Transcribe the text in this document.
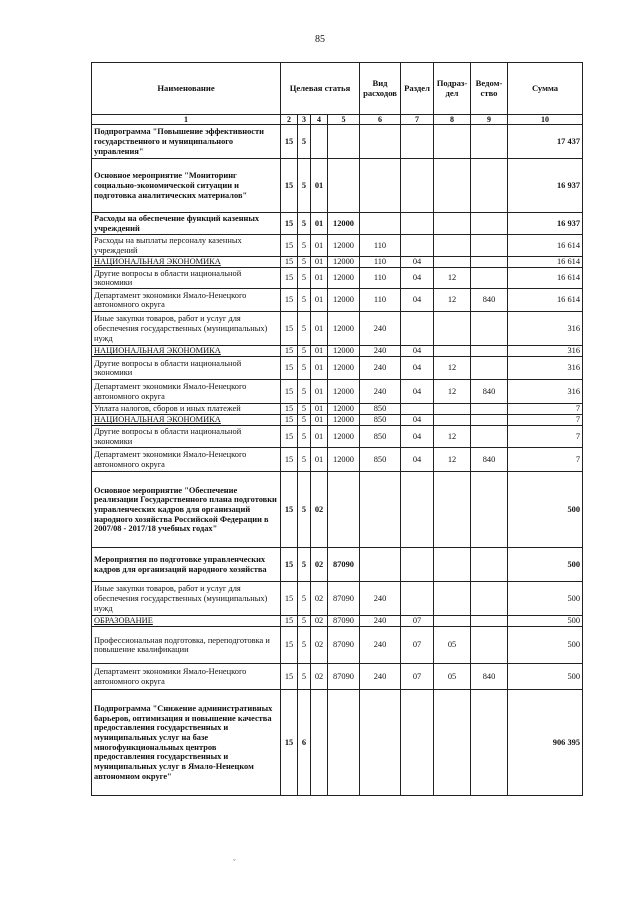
85
Наименование	Целевая статья				Вид расходов	Раздел	Подраз-дел	Ведом-ство	Сумма
1	2	3	4	5	6	7	8	9	10
Подпрограмма "Повышение эффективности государственного и муниципального управления"	15	5							17 437
Основное мероприятие "Мониторинг социально-экономической ситуации и подготовка аналитических материалов"	15	5	01						16 937
Расходы на обеспечение функций казенных учреждений	15	5	01	12000					16 937
Расходы на выплаты персоналу казенных учреждений	15	5	01	12000	110				16 614
НАЦИОНАЛЬНАЯ ЭКОНОМИКА	15	5	01	12000	110	04			16 614
Другие вопросы в области национальной экономики	15	5	01	12000	110	04	12		16 614
Департамент экономики Ямало-Ненецкого автономного округа	15	5	01	12000	110	04	12	840	16 614
Иные закупки товаров, работ и услуг для обеспечения государственных (муниципальных) нужд	15	5	01	12000	240				316
НАЦИОНАЛЬНАЯ ЭКОНОМИКА	15	5	01	12000	240	04			316
Другие вопросы в области национальной экономики	15	5	01	12000	240	04	12		316
Департамент экономики Ямало-Ненецкого автономного округа	15	5	01	12000	240	04	12	840	316
Уплата налогов, сборов и иных платежей	15	5	01	12000	850				7
НАЦИОНАЛЬНАЯ ЭКОНОМИКА	15	5	01	12000	850	04			7
Другие вопросы в области национальной экономики	15	5	01	12000	850	04	12		7
Департамент экономики Ямало-Ненецкого автономного округа	15	5	01	12000	850	04	12	840	7
Основное мероприятие "Обеспечение реализации Государственного плана подготовки управленческих кадров для организаций народного хозяйства Российской Федерации в 2007/08 - 2017/18 учебных годах"	15	5	02						500
Мероприятия по подготовке управленческих кадров для организаций народного хозяйства	15	5	02	87090					500
Иные закупки товаров, работ и услуг для обеспечения государственных (муниципальных) нужд	15	5	02	87090	240				500
ОБРАЗОВАНИЕ	15	5	02	87090	240	07			500
Профессиональная подготовка, переподготовка и повышение квалификации	15	5	02	87090	240	07	05		500
Департамент экономики Ямало-Ненецкого автономного округа	15	5	02	87090	240	07	05	840	500
Подпрограмма "Снижение административных барьеров, оптимизация и повышение качества предоставления государственных и муниципальных услуг на базе многофункциональных центров предоставления государственных и муниципальных услуг в Ямало-Ненецком автономном округе"	15	6							906 395
ˇ
